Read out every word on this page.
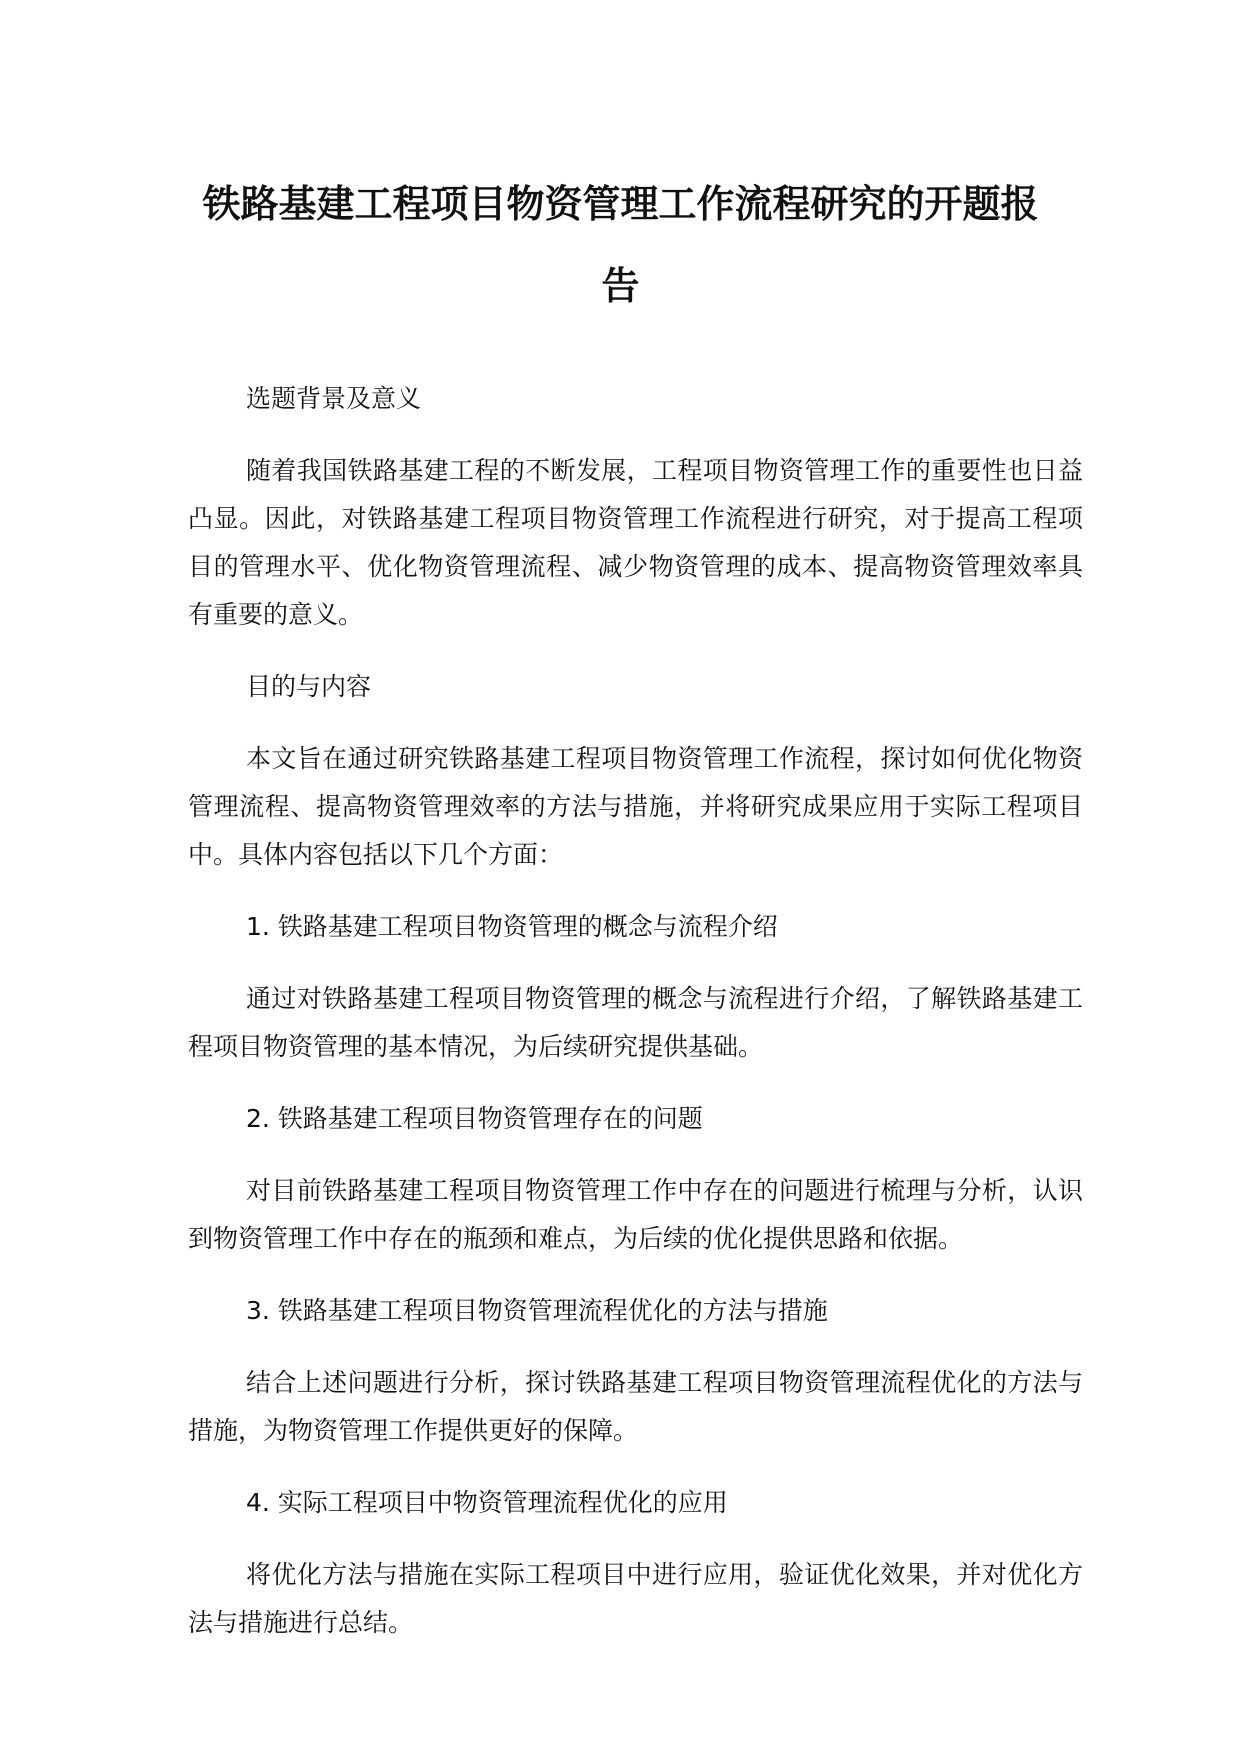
铁路基建工程项目物资管理工作流程研究的开题报
告

选题背景及意义

随着我国铁路基建工程的不断发展，工程项目物资管理工作的重要性也日益凸显。因此，对铁路基建工程项目物资管理工作流程进行研究，对于提高工程项目的管理水平、优化物资管理流程、减少物资管理的成本、提高物资管理效率具有重要的意义。

目的与内容

本文旨在通过研究铁路基建工程项目物资管理工作流程，探讨如何优化物资管理流程、提高物资管理效率的方法与措施，并将研究成果应用于实际工程项目中。具体内容包括以下几个方面：

1. 铁路基建工程项目物资管理的概念与流程介绍

通过对铁路基建工程项目物资管理的概念与流程进行介绍，了解铁路基建工程项目物资管理的基本情况，为后续研究提供基础。

2. 铁路基建工程项目物资管理存在的问题

对目前铁路基建工程项目物资管理工作中存在的问题进行梳理与分析，认识到物资管理工作中存在的瓶颈和难点，为后续的优化提供思路和依据。

3. 铁路基建工程项目物资管理流程优化的方法与措施

结合上述问题进行分析，探讨铁路基建工程项目物资管理流程优化的方法与措施，为物资管理工作提供更好的保障。

4. 实际工程项目中物资管理流程优化的应用

将优化方法与措施在实际工程项目中进行应用，验证优化效果，并对优化方法与措施进行总结。
